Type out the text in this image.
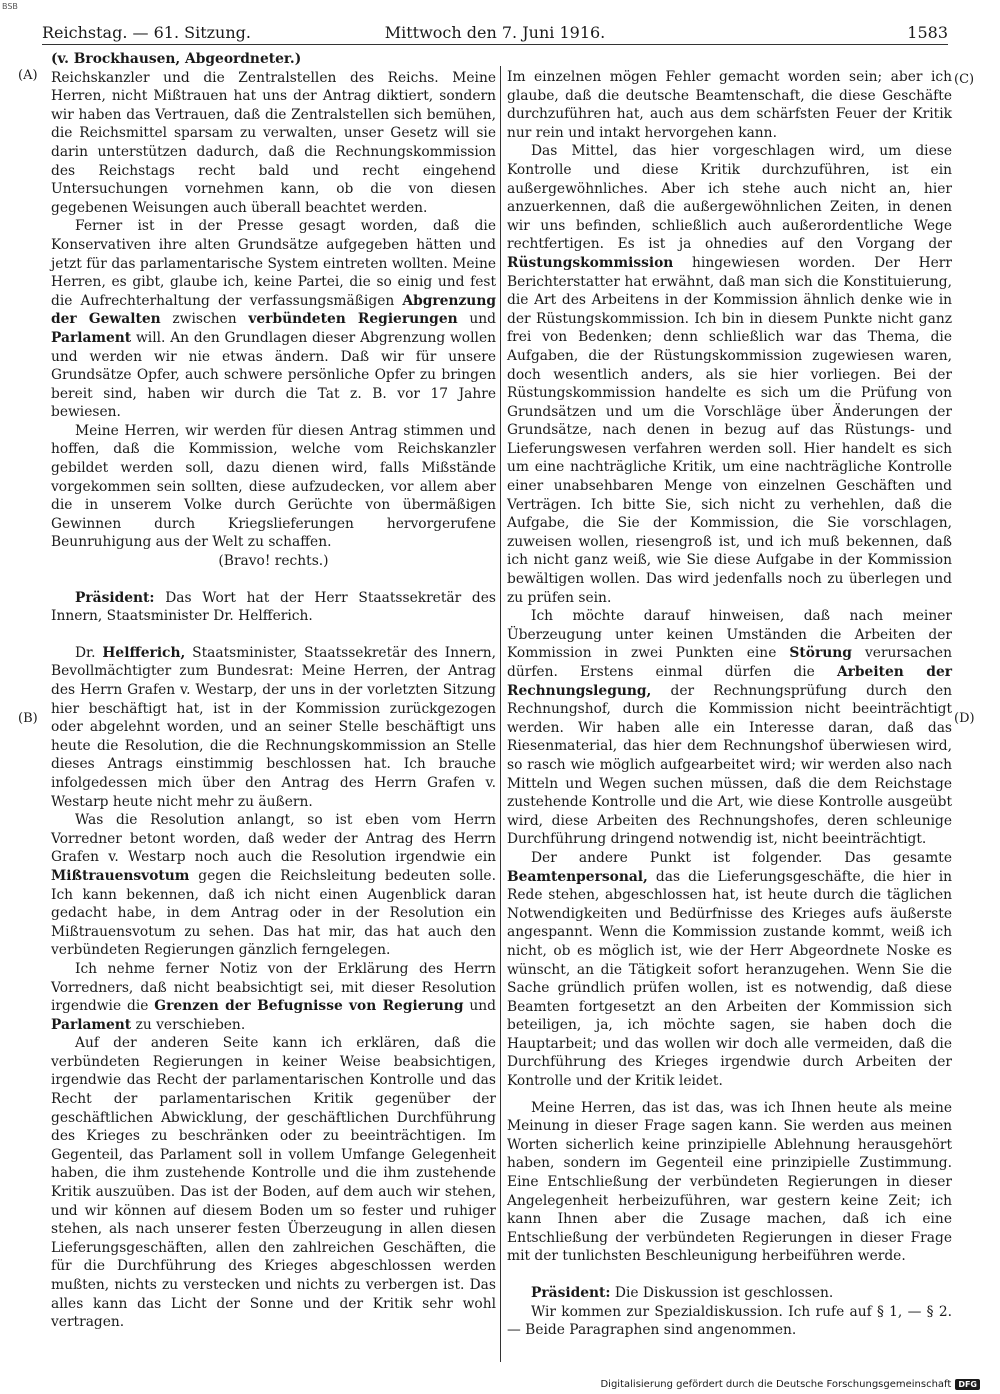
BSB
Reichstag. — 61. Sitzung.	Mittwoch den 7. Juni 1916.	1583
(A)
(B)
(C)
(D)

(v. Brockhausen, Abgeordneter.)

Reichskanzler und die Zentralstellen des Reichs. Meine Herren, nicht Mißtrauen hat uns der Antrag diktiert, sondern wir haben das Vertrauen, daß die Zentralstellen sich bemühen, die Reichsmittel sparsam zu verwalten, unser Gesetz will sie darin unterstützen dadurch, daß die Rechnungskommission des Reichstags recht bald und recht eingehend Untersuchungen vornehmen kann, ob die von diesen gegebenen Weisungen auch überall beachtet werden.

Ferner ist in der Presse gesagt worden, daß die Konservativen ihre alten Grundsätze aufgegeben hätten und jetzt für das parlamentarische System eintreten wollten. Meine Herren, es gibt, glaube ich, keine Partei, die so einig und fest die Aufrechterhaltung der verfassungsmäßigen Abgrenzung der Gewalten zwischen verbündeten Regierungen und Parlament will. An den Grundlagen dieser Abgrenzung wollen und werden wir nie etwas ändern. Daß wir für unsere Grundsätze Opfer, auch schwere persönliche Opfer zu bringen bereit sind, haben wir durch die Tat z. B. vor 17 Jahre bewiesen.

Meine Herren, wir werden für diesen Antrag stimmen und hoffen, daß die Kommission, welche vom Reichskanzler gebildet werden soll, dazu dienen wird, falls Mißstände vorgekommen sein sollten, diese aufzudecken, vor allem aber die in unserem Volke durch Gerüchte von übermäßigen Gewinnen durch Kriegslieferungen hervorgerufene Beunruhigung aus der Welt zu schaffen.

(Bravo! rechts.)

Präsident: Das Wort hat der Herr Staatssekretär des Innern, Staatsminister Dr. Helfferich.

Dr. Helfferich, Staatsminister, Staatssekretär des Innern, Bevollmächtigter zum Bundesrat: Meine Herren, der Antrag des Herrn Grafen v. Westarp, der uns in der vorletzten Sitzung hier beschäftigt hat, ist in der Kommission zurückgezogen oder abgelehnt worden, und an seiner Stelle beschäftigt uns heute die Resolution, die die Rechnungskommission an Stelle dieses Antrags einstimmig beschlossen hat. Ich brauche infolgedessen mich über den Antrag des Herrn Grafen v. Westarp heute nicht mehr zu äußern.

Was die Resolution anlangt, so ist eben vom Herrn Vorredner betont worden, daß weder der Antrag des Herrn Grafen v. Westarp noch auch die Resolution irgendwie ein Mißtrauensvotum gegen die Reichsleitung bedeuten solle. Ich kann bekennen, daß ich nicht einen Augenblick daran gedacht habe, in dem Antrag oder in der Resolution ein Mißtrauensvotum zu sehen. Das hat mir, das hat auch den verbündeten Regierungen gänzlich ferngelegen.

Ich nehme ferner Notiz von der Erklärung des Herrn Vorredners, daß nicht beabsichtigt sei, mit dieser Resolution irgendwie die Grenzen der Befugnisse von Regierung und Parlament zu verschieben.

Auf der anderen Seite kann ich erklären, daß die verbündeten Regierungen in keiner Weise beabsichtigen, irgendwie das Recht der parlamentarischen Kontrolle und das Recht der parlamentarischen Kritik gegenüber der geschäftlichen Abwicklung, der geschäftlichen Durchführung des Krieges zu beschränken oder zu beeinträchtigen. Im Gegenteil, das Parlament soll in vollem Umfange Gelegenheit haben, die ihm zustehende Kontrolle und die ihm zustehende Kritik auszuüben. Das ist der Boden, auf dem auch wir stehen, und wir können auf diesem Boden um so fester und ruhiger stehen, als nach unserer festen Überzeugung in allen diesen Lieferungsgeschäften, allen den zahlreichen Geschäften, die für die Durchführung des Krieges abgeschlossen werden mußten, nichts zu verstecken und nichts zu verbergen ist. Das alles kann das Licht der Sonne und der Kritik sehr wohl vertragen.

Im einzelnen mögen Fehler gemacht worden sein; aber ich glaube, daß die deutsche Beamtenschaft, die diese Geschäfte durchzuführen hat, auch aus dem schärfsten Feuer der Kritik nur rein und intakt hervorgehen kann.

Das Mittel, das hier vorgeschlagen wird, um diese Kontrolle und diese Kritik durchzuführen, ist ein außergewöhnliches. Aber ich stehe auch nicht an, hier anzuerkennen, daß die außergewöhnlichen Zeiten, in denen wir uns befinden, schließlich auch außerordentliche Wege rechtfertigen. Es ist ja ohnedies auf den Vorgang der Rüstungskommission hingewiesen worden. Der Herr Berichterstatter hat erwähnt, daß man sich die Konstituierung, die Art des Arbeitens in der Kommission ähnlich denke wie in der Rüstungskommission. Ich bin in diesem Punkte nicht ganz frei von Bedenken; denn schließlich war das Thema, die Aufgaben, die der Rüstungskommission zugewiesen waren, doch wesentlich anders, als sie hier vorliegen. Bei der Rüstungskommission handelte es sich um die Prüfung von Grundsätzen und um die Vorschläge über Änderungen der Grundsätze, nach denen in bezug auf das Rüstungs- und Lieferungswesen verfahren werden soll. Hier handelt es sich um eine nachträgliche Kritik, um eine nachträgliche Kontrolle einer unabsehbaren Menge von einzelnen Geschäften und Verträgen. Ich bitte Sie, sich nicht zu verhehlen, daß die Aufgabe, die Sie der Kommission, die Sie vorschlagen, zuweisen wollen, riesengroß ist, und ich muß bekennen, daß ich nicht ganz weiß, wie Sie diese Aufgabe in der Kommission bewältigen wollen. Das wird jedenfalls noch zu überlegen und zu prüfen sein.

Ich möchte darauf hinweisen, daß nach meiner Überzeugung unter keinen Umständen die Arbeiten der Kommission in zwei Punkten eine Störung verursachen dürfen. Erstens einmal dürfen die Arbeiten der Rechnungslegung, der Rechnungsprüfung durch den Rechnungshof, durch die Kommission nicht beeinträchtigt werden. Wir haben alle ein Interesse daran, daß das Riesenmaterial, das hier dem Rechnungshof überwiesen wird, so rasch wie möglich aufgearbeitet wird; wir werden also nach Mitteln und Wegen suchen müssen, daß die dem Reichstage zustehende Kontrolle und die Art, wie diese Kontrolle ausgeübt wird, diese Arbeiten des Rechnungshofes, deren schleunige Durchführung dringend notwendig ist, nicht beeinträchtigt.

Der andere Punkt ist folgender. Das gesamte Beamtenpersonal, das die Lieferungsgeschäfte, die hier in Rede stehen, abgeschlossen hat, ist heute durch die täglichen Notwendigkeiten und Bedürfnisse des Krieges aufs äußerste angespannt. Wenn die Kommission zustande kommt, weiß ich nicht, ob es möglich ist, wie der Herr Abgeordnete Noske es wünscht, an die Tätigkeit sofort heranzugehen. Wenn Sie die Sache gründlich prüfen wollen, ist es notwendig, daß diese Beamten fortgesetzt an den Arbeiten der Kommission sich beteiligen, ja, ich möchte sagen, sie haben doch die Hauptarbeit; und das wollen wir doch alle vermeiden, daß die Durchführung des Krieges irgendwie durch Arbeiten der Kontrolle und der Kritik leidet.

Meine Herren, das ist das, was ich Ihnen heute als meine Meinung in dieser Frage sagen kann. Sie werden aus meinen Worten sicherlich keine prinzipielle Ablehnung herausgehört haben, sondern im Gegenteil eine prinzipielle Zustimmung. Eine Entschließung der verbündeten Regierungen in dieser Angelegenheit herbeizuführen, war gestern keine Zeit; ich kann Ihnen aber die Zusage machen, daß ich eine Entschließung der verbündeten Regierungen in dieser Frage mit der tunlichsten Beschleunigung herbeiführen werde.

Präsident: Die Diskussion ist geschlossen.

Wir kommen zur Spezialdiskussion. Ich rufe auf § 1, — § 2. — Beide Paragraphen sind angenommen.

Digitalisierung gefördert durch die Deutsche Forschungsgemeinschaft DFG
